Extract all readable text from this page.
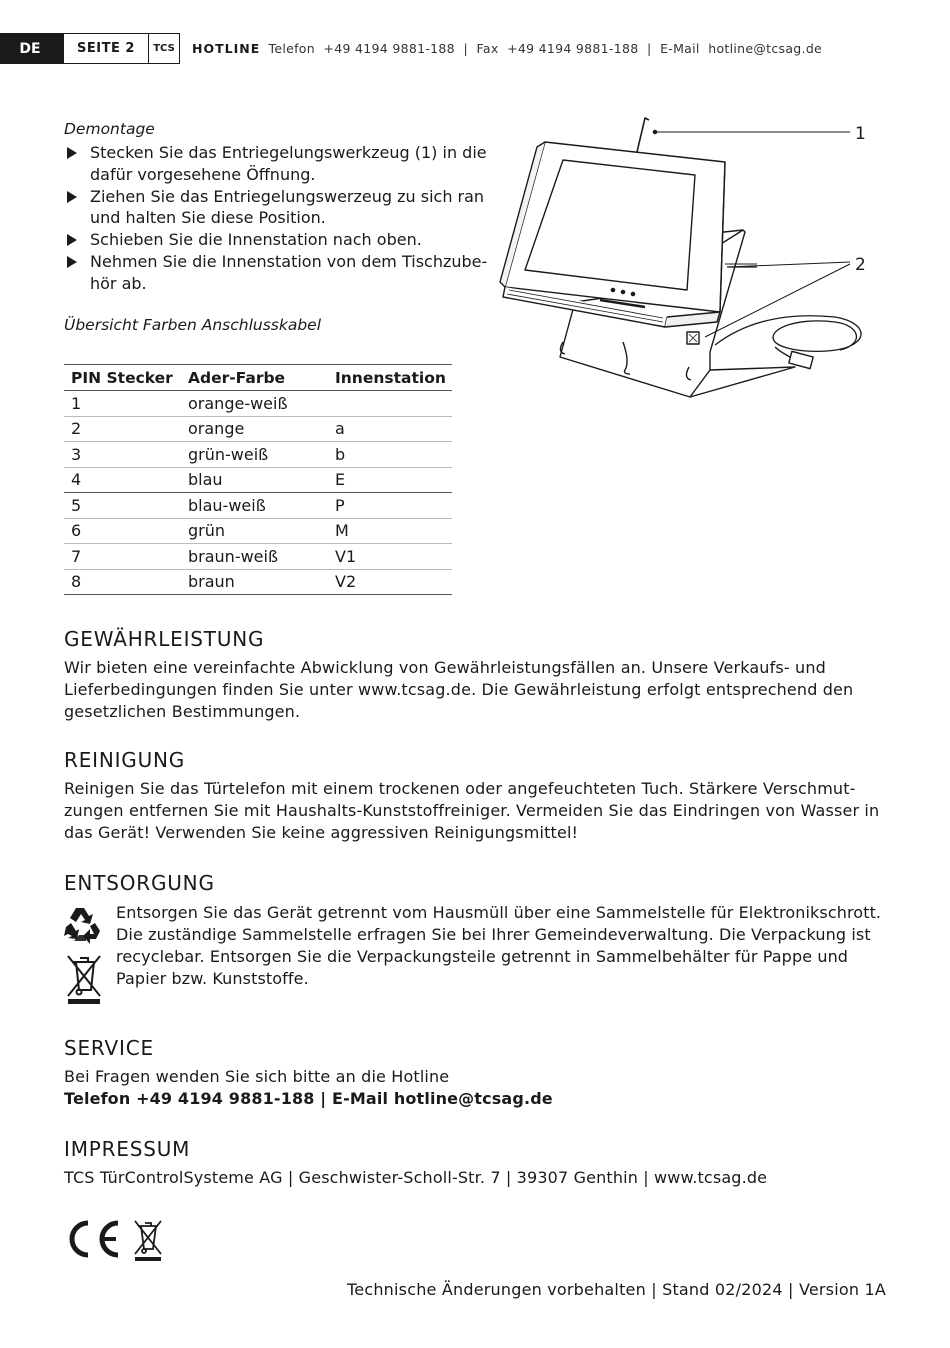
DE	SEITE 2	TCS HOTLINE Telefon  +49 4194 9881-188  |  Fax  +49 4194 9881-188  |  E-Mail  hotline@tcsag.de
Demontage
Stecken Sie das Entriegelungswerkzeug (1) in die dafür vorgesehene Öffnung.
Ziehen Sie das Entriegelungswerzeug zu sich ran und halten Sie diese Position.
Schieben Sie die Innenstation nach oben.
Nehmen Sie die Innenstation von dem Tischzube-hör ab.
Übersicht Farben Anschlusskabel
PIN Stecker	Ader-Farbe	Innenstation
1	orange-weiß	
2	orange	a
3	grün-weiß	b
4	blau	E
5	blau-weiß	P
6	grün	M
7	braun-weiß	V1
8	braun	V2
1
2
GEWÄHRLEISTUNG
Wir bieten eine vereinfachte Abwicklung von Gewährleistungsfällen an. Unsere Verkaufs- und Lieferbedingungen finden Sie unter www.tcsag.de. Die Gewährleistung erfolgt entsprechend den gesetzlichen Bestimmungen.
REINIGUNG
Reinigen Sie das Türtelefon mit einem trockenen oder angefeuchteten Tuch. Stärkere Verschmut-zungen entfernen Sie mit Haushalts-Kunststoffreiniger. Vermeiden Sie das Eindringen von Wasser in das Gerät! Verwenden Sie keine aggressiven Reinigungsmittel!
ENTSORGUNG
Entsorgen Sie das Gerät getrennt vom Hausmüll über eine Sammelstelle für Elektronikschrott. Die zuständige Sammelstelle erfragen Sie bei Ihrer Gemeindeverwaltung. Die Verpackung ist recyclebar. Entsorgen Sie die Verpackungsteile getrennt in Sammelbehälter für Pappe und Papier bzw. Kunststoffe.
SERVICE
Bei Fragen wenden Sie sich bitte an die Hotline
Telefon +49 4194 9881-188 | E-Mail hotline@tcsag.de
IMPRESSUM
TCS TürControlSysteme AG | Geschwister-Scholl-Str. 7 | 39307 Genthin | www.tcsag.de
Technische Änderungen vorbehalten | Stand 02/2024 | Version 1A
